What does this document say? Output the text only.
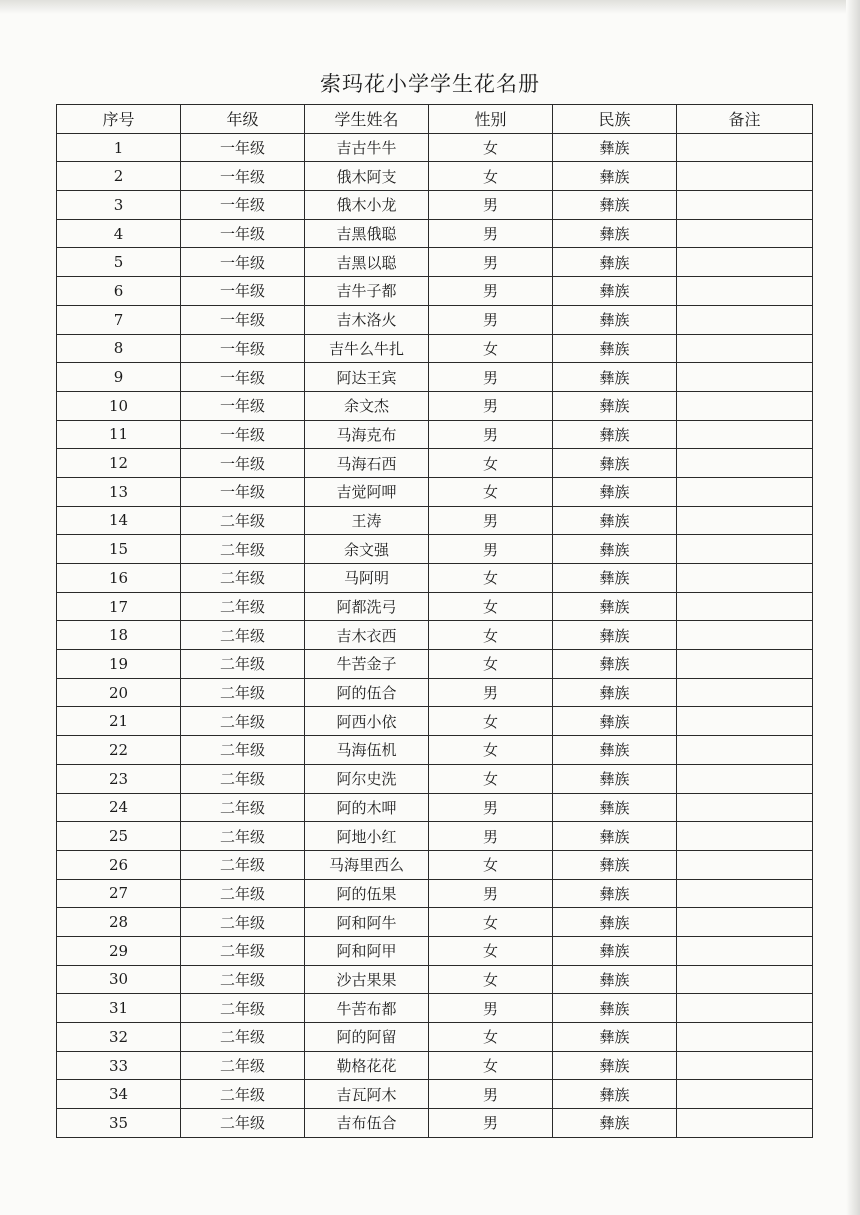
索玛花小学学生花名册
序号	年级	学生姓名	性别	民族	备注
1	一年级	吉古牛牛	女	彝族	
2	一年级	俄木阿支	女	彝族	
3	一年级	俄木小龙	男	彝族	
4	一年级	吉黑俄聪	男	彝族	
5	一年级	吉黑以聪	男	彝族	
6	一年级	吉牛子都	男	彝族	
7	一年级	吉木洛火	男	彝族	
8	一年级	吉牛么牛扎	女	彝族	
9	一年级	阿达王宾	男	彝族	
10	一年级	余文杰	男	彝族	
11	一年级	马海克布	男	彝族	
12	一年级	马海石西	女	彝族	
13	一年级	吉觉阿呷	女	彝族	
14	二年级	王涛	男	彝族	
15	二年级	余文强	男	彝族	
16	二年级	马阿明	女	彝族	
17	二年级	阿都洗弓	女	彝族	
18	二年级	吉木衣西	女	彝族	
19	二年级	牛苦金子	女	彝族	
20	二年级	阿的伍合	男	彝族	
21	二年级	阿西小依	女	彝族	
22	二年级	马海伍机	女	彝族	
23	二年级	阿尔史洗	女	彝族	
24	二年级	阿的木呷	男	彝族	
25	二年级	阿地小红	男	彝族	
26	二年级	马海里西么	女	彝族	
27	二年级	阿的伍果	男	彝族	
28	二年级	阿和阿牛	女	彝族	
29	二年级	阿和阿甲	女	彝族	
30	二年级	沙古果果	女	彝族	
31	二年级	牛苦布都	男	彝族	
32	二年级	阿的阿留	女	彝族	
33	二年级	勒格花花	女	彝族	
34	二年级	吉瓦阿木	男	彝族	
35	二年级	吉布伍合	男	彝族	
